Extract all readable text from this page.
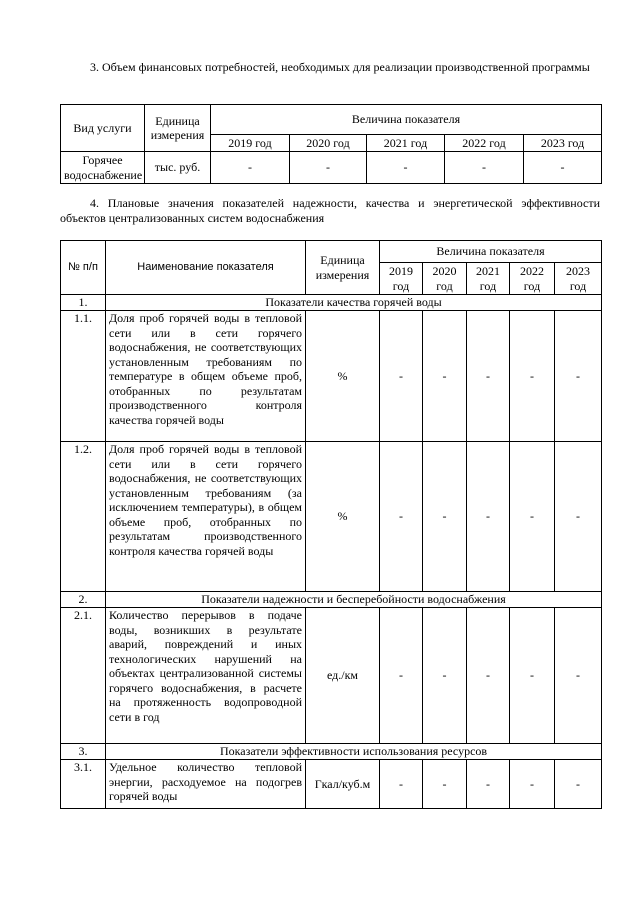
3. Объем финансовых потребностей, необходимых для реализации производственной программы
Вид услуги	Единица измерения	Величина показателя				
		2019 год	2020 год	2021 год	2022 год	2023 год
Горячее водоснабжение	тыс. руб.	-	-	-	-	-
4. Плановые значения показателей надежности, качества и энергетической эффективности объектов централизованных систем водоснабжения
№ п/п	Наименование показателя	Единица измерения	Величина показателя				
			2019 год	2020 год	2021 год	2022 год	2023 год
1.	Показатели качества горячей воды						
1.1.	Доля проб горячей воды в тепловой сети или в сети горячего водоснабжения, не соответствующих установленным требованиям по температуре в общем объеме проб, отобранных по результатам производственного контроля качества горячей воды	%	-	-	-	-	-
1.2.	Доля проб горячей воды в тепловой сети или в сети горячего водоснабжения, не соответствующих установленным требованиям (за исключением температуры), в общем объеме проб, отобранных по результатам производственного контроля качества горячей воды	%	-	-	-	-	-
2.	Показатели надежности и бесперебойности водоснабжения						
2.1.	Количество перерывов в подаче воды, возникших в результате аварий, повреждений и иных технологических нарушений на объектах централизованной системы горячего водоснабжения, в расчете на протяженность водопроводной сети в год	ед./км	-	-	-	-	-
3.	Показатели эффективности использования ресурсов						
3.1.	Удельное количество тепловой энергии, расходуемое на подогрев горячей воды	Гкал/куб.м	-	-	-	-	-
